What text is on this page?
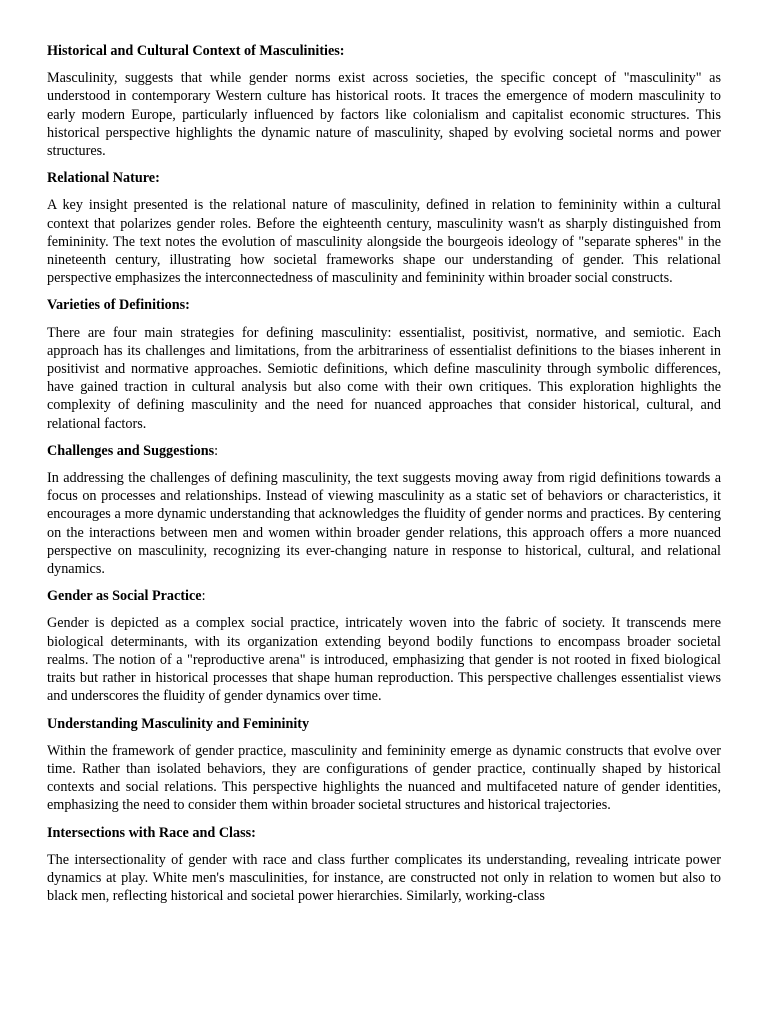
Historical and Cultural Context of Masculinities:

Masculinity, suggests that while gender norms exist across societies, the specific concept of "masculinity" as understood in contemporary Western culture has historical roots. It traces the emergence of modern masculinity to early modern Europe, particularly influenced by factors like colonialism and capitalist economic structures. This historical perspective highlights the dynamic nature of masculinity, shaped by evolving societal norms and power structures.

Relational Nature:

A key insight presented is the relational nature of masculinity, defined in relation to femininity within a cultural context that polarizes gender roles. Before the eighteenth century, masculinity wasn't as sharply distinguished from femininity. The text notes the evolution of masculinity alongside the bourgeois ideology of "separate spheres" in the nineteenth century, illustrating how societal frameworks shape our understanding of gender. This relational perspective emphasizes the interconnectedness of masculinity and femininity within broader social constructs.

Varieties of Definitions:

There are four main strategies for defining masculinity: essentialist, positivist, normative, and semiotic. Each approach has its challenges and limitations, from the arbitrariness of essentialist definitions to the biases inherent in positivist and normative approaches. Semiotic definitions, which define masculinity through symbolic differences, have gained traction in cultural analysis but also come with their own critiques. This exploration highlights the complexity of defining masculinity and the need for nuanced approaches that consider historical, cultural, and relational factors.

Challenges and Suggestions:

In addressing the challenges of defining masculinity, the text suggests moving away from rigid definitions towards a focus on processes and relationships. Instead of viewing masculinity as a static set of behaviors or characteristics, it encourages a more dynamic understanding that acknowledges the fluidity of gender norms and practices. By centering on the interactions between men and women within broader gender relations, this approach offers a more nuanced perspective on masculinity, recognizing its ever-changing nature in response to historical, cultural, and relational dynamics.

Gender as Social Practice:

Gender is depicted as a complex social practice, intricately woven into the fabric of society. It transcends mere biological determinants, with its organization extending beyond bodily functions to encompass broader societal realms. The notion of a "reproductive arena" is introduced, emphasizing that gender is not rooted in fixed biological traits but rather in historical processes that shape human reproduction. This perspective challenges essentialist views and underscores the fluidity of gender dynamics over time.

Understanding Masculinity and Femininity

Within the framework of gender practice, masculinity and femininity emerge as dynamic constructs that evolve over time. Rather than isolated behaviors, they are configurations of gender practice, continually shaped by historical contexts and social relations. This perspective highlights the nuanced and multifaceted nature of gender identities, emphasizing the need to consider them within broader societal structures and historical trajectories.

Intersections with Race and Class:

The intersectionality of gender with race and class further complicates its understanding, revealing intricate power dynamics at play. White men's masculinities, for instance, are constructed not only in relation to women but also to black men, reflecting historical and societal power hierarchies. Similarly, working-class
